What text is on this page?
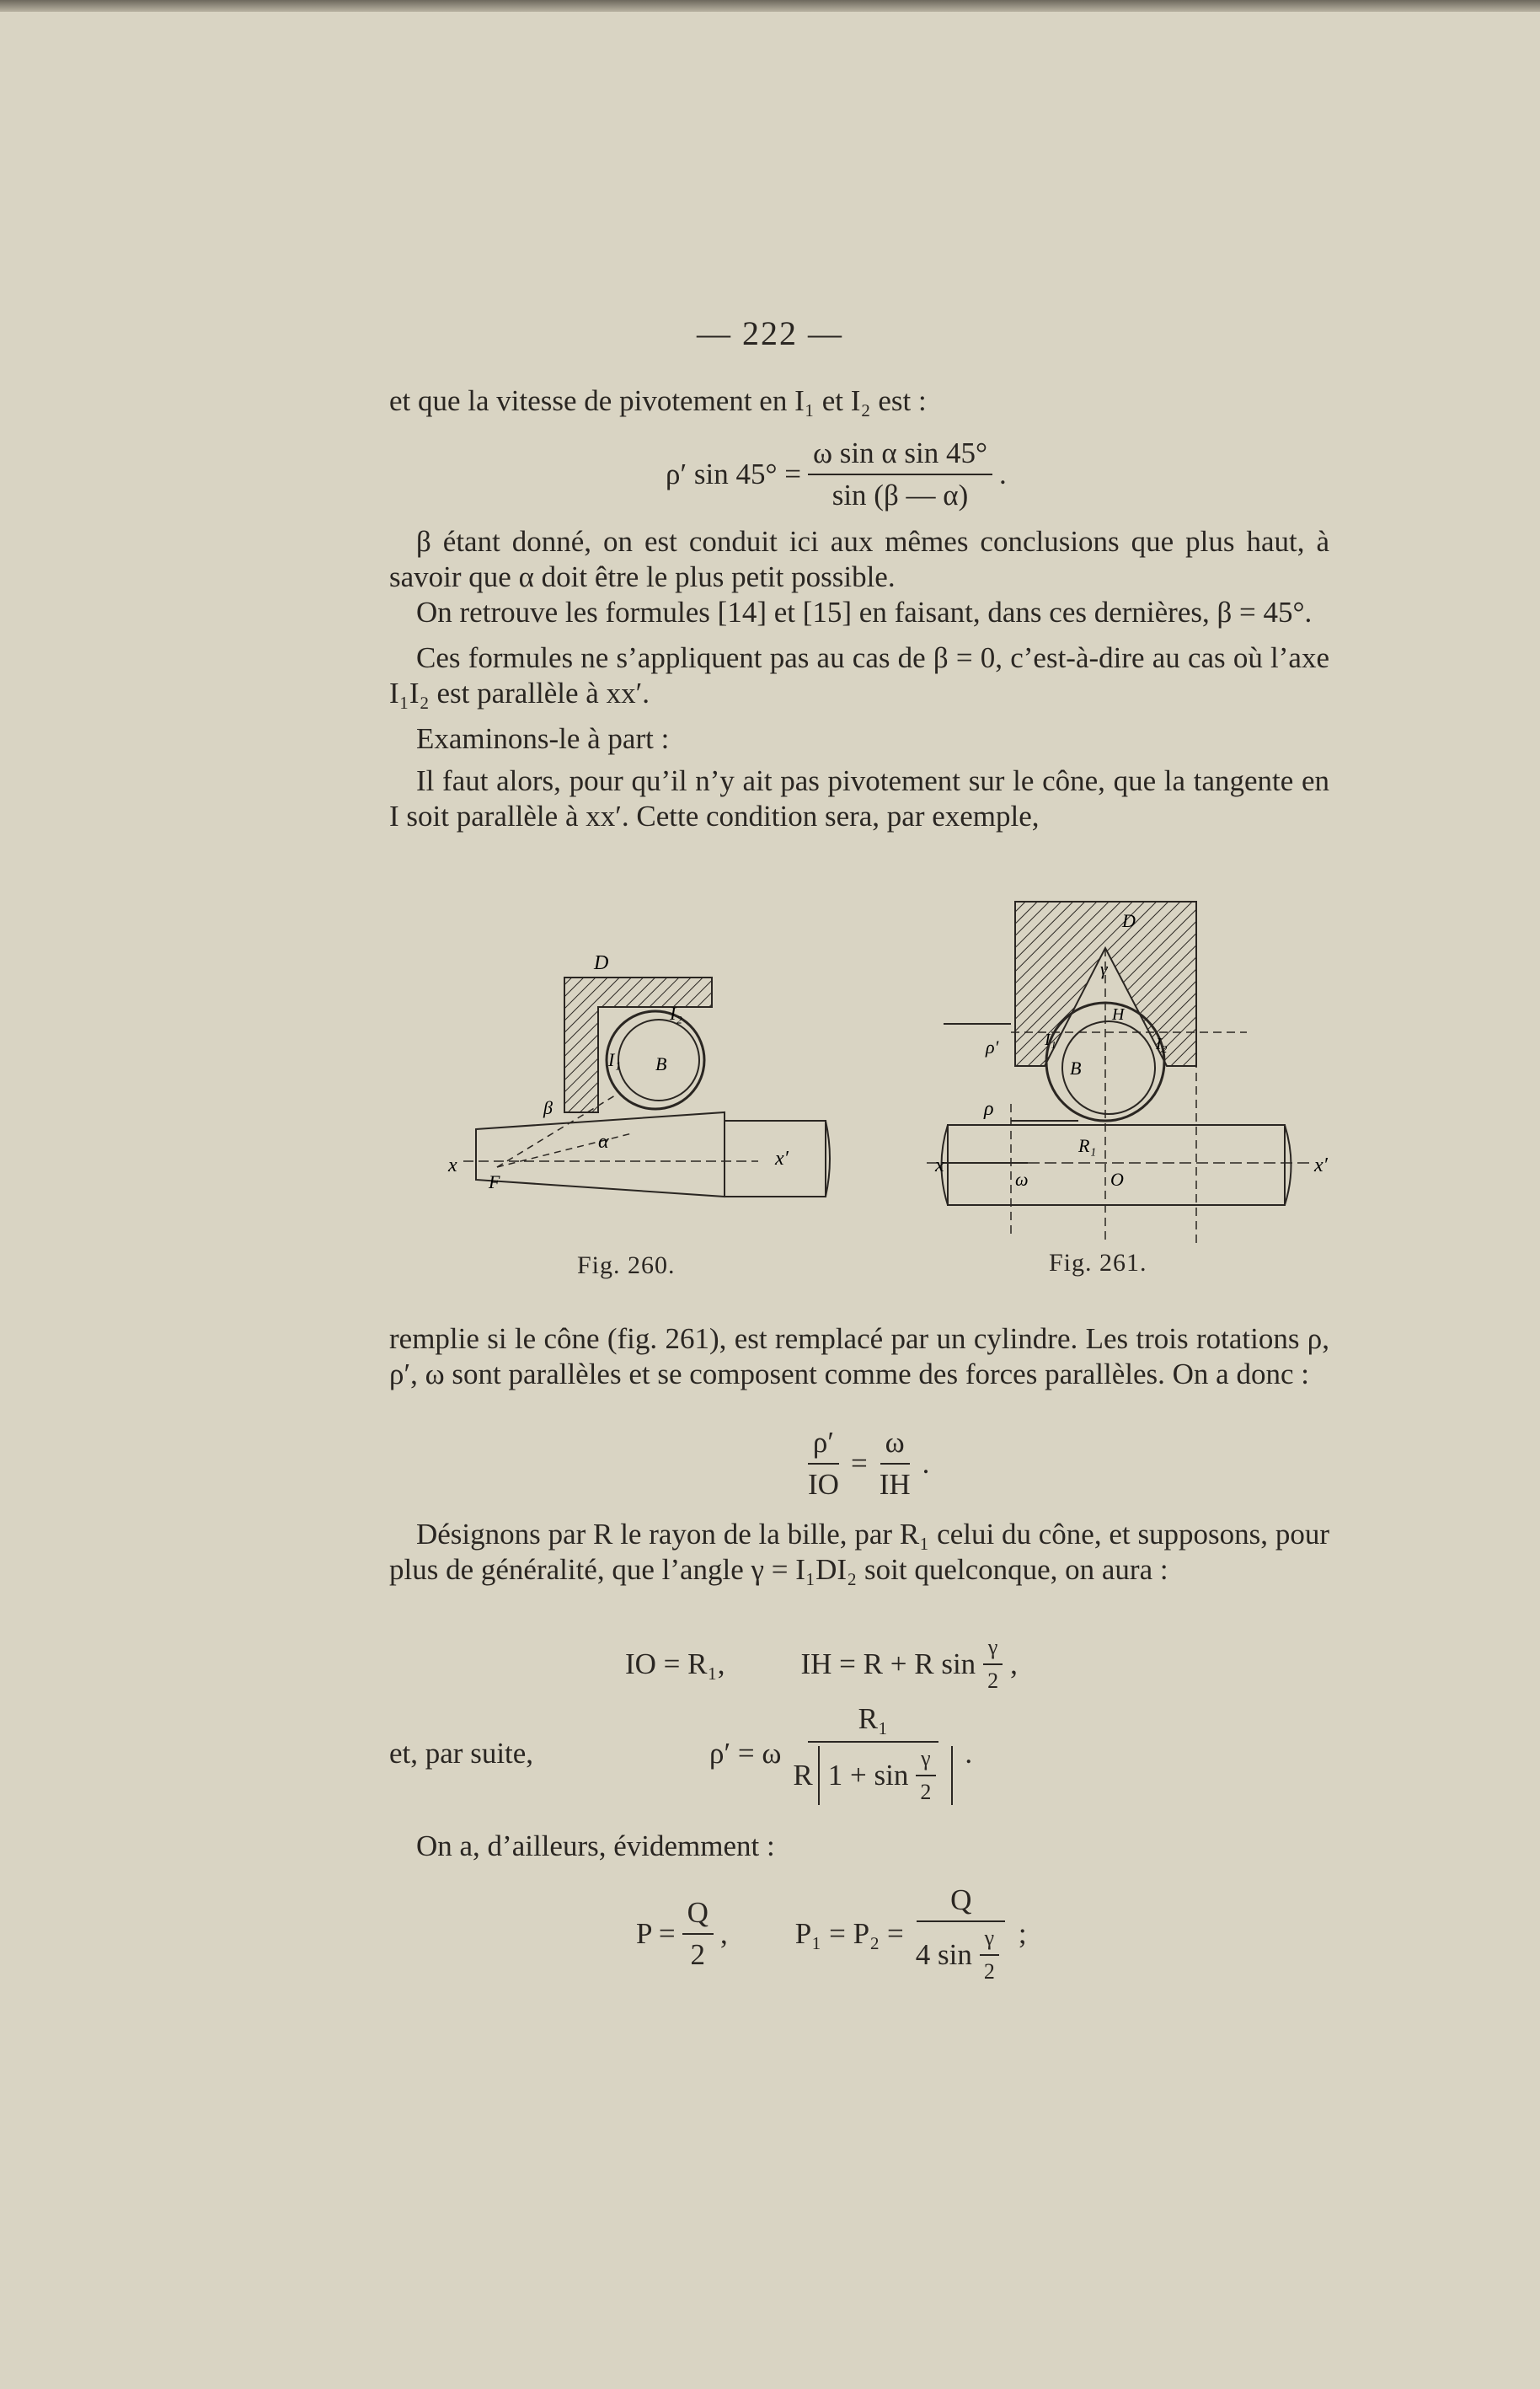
— 222 —

et que la vitesse de pivotement en I₁ et I₂ est :

ρ′ $\sin 45^\circ = \frac{\text{ω sin α sin 45°}}{\sin (\beta — \alpha)}$ .

β étant donné, on est conduit ici aux mêmes conclusions que plus haut, à savoir que α doit être le plus petit possible.

On retrouve les formules [14] et [15] en faisant, dans ces dernières, β = 45°.

Ces formules ne s’appliquent pas au cas de β = 0, c’est-à-dire au cas où l’axe I₁I₂ est parallèle à xx′.

Examinons-le à part :

Il faut alors, pour qu’il n’y ait pas pivotement sur le cône, que la tangente en I soit parallèle à xx′. Cette condition sera, par exemple,

D
I₂
I₁ B
β
α
x	x′
F
Fig. 260.
D
γ
H
ρ′	I₁	I₂
B
ρ
R₁
x
ω	O
x′
Fig. 261.

remplie si le cône (fig. 261), est remplacé par un cylindre. Les trois rotations ρ, ρ′, ω sont parallèles et se composent comme des forces parallèles. On a donc :

$\frac{\rho'}{IO} = \frac{\omega}{IH}$ .

Désignons par R le rayon de la bille, par R₁ celui du cône, et supposons, pour plus de généralité, que l’angle γ = I₁DI₂ soit quelconque, on aura :

IO = R₁,	IH = R + R $\sin \frac{\gamma}{2}$ ,
et, par suite,	ρ′ = ω $\frac{\text{R₁}}{R 1 + \sin \frac{\gamma}{2}}$ .

On a, d’ailleurs, évidemment :

$P = \frac{Q}{2}$ , $P_1 = P_2 = \frac{Q}{4 \sin \frac{\gamma}{2}}$ ;
